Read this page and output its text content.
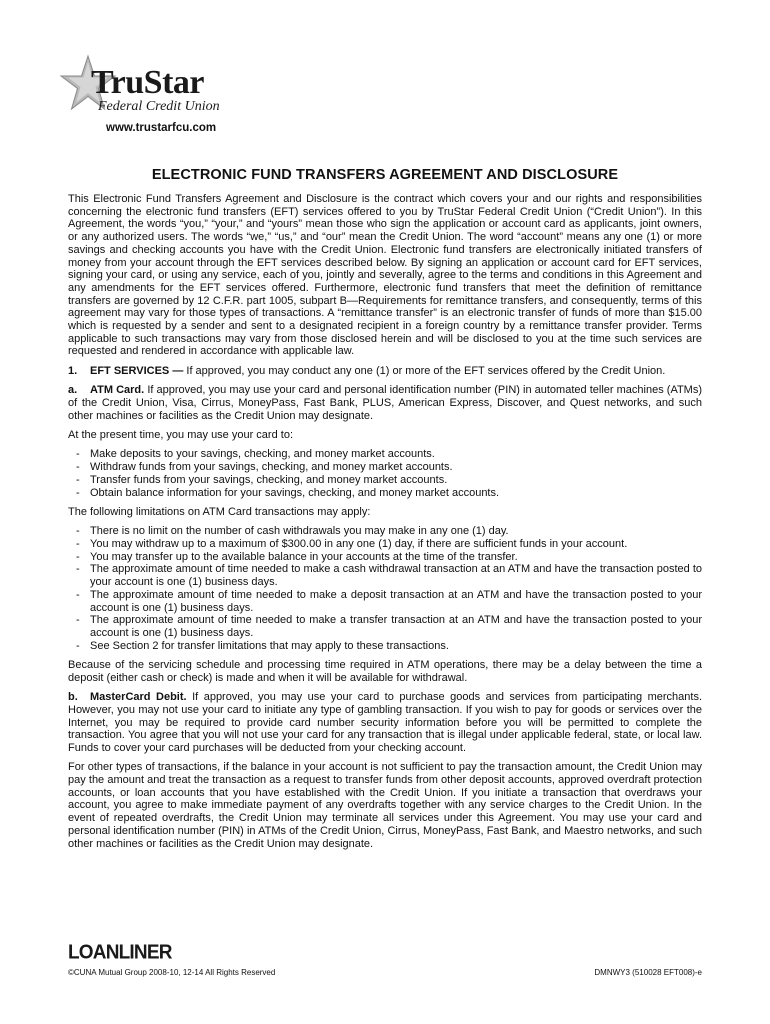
TruStar
Federal Credit Union
www.trustarfcu.com
ELECTRONIC FUND TRANSFERS AGREEMENT AND DISCLOSURE

This Electronic Fund Transfers Agreement and Disclosure is the contract which covers your and our rights and responsibilities concerning the electronic fund transfers (EFT) services offered to you by TruStar Federal Credit Union (“Credit Union”). In this Agreement, the words “you,” “your,” and “yours” mean those who sign the application or account card as applicants, joint owners, or any authorized users. The words “we,” “us,” and “our” mean the Credit Union. The word “account” means any one (1) or more savings and checking accounts you have with the Credit Union. Electronic fund transfers are electronically initiated transfers of money from your account through the EFT services described below. By signing an application or account card for EFT services, signing your card, or using any service, each of you, jointly and severally, agree to the terms and conditions in this Agreement and any amendments for the EFT services offered. Furthermore, electronic fund transfers that meet the definition of remittance transfers are governed by 12 C.F.R. part 1005, subpart B—Requirements for remittance transfers, and consequently, terms of this agreement may vary for those types of transactions. A “remittance transfer” is an electronic transfer of funds of more than $15.00 which is requested by a sender and sent to a designated recipient in a foreign country by a remittance transfer provider. Terms applicable to such transactions may vary from those disclosed herein and will be disclosed to you at the time such services are requested and rendered in accordance with applicable law.

1. EFT SERVICES — If approved, you may conduct any one (1) or more of the EFT services offered by the Credit Union.

a. ATM Card. If approved, you may use your card and personal identification number (PIN) in automated teller machines (ATMs) of the Credit Union, Visa, Cirrus, MoneyPass, Fast Bank, PLUS, American Express, Discover, and Quest networks, and such other machines or facilities as the Credit Union may designate.

At the present time, you may use your card to:

- Make deposits to your savings, checking, and money market accounts.
- Withdraw funds from your savings, checking, and money market accounts.
- Transfer funds from your savings, checking, and money market accounts.
- Obtain balance information for your savings, checking, and money market accounts.

The following limitations on ATM Card transactions may apply:

- There is no limit on the number of cash withdrawals you may make in any one (1) day.
- You may withdraw up to a maximum of $300.00 in any one (1) day, if there are sufficient funds in your account.
- You may transfer up to the available balance in your accounts at the time of the transfer.
- The approximate amount of time needed to make a cash withdrawal transaction at an ATM and have the transaction posted to your account is one (1) business days.
- The approximate amount of time needed to make a deposit transaction at an ATM and have the transaction posted to your account is one (1) business days.
- The approximate amount of time needed to make a transfer transaction at an ATM and have the transaction posted to your account is one (1) business days.
- See Section 2 for transfer limitations that may apply to these transactions.

Because of the servicing schedule and processing time required in ATM operations, there may be a delay between the time a deposit (either cash or check) is made and when it will be available for withdrawal.

b. MasterCard Debit. If approved, you may use your card to purchase goods and services from participating merchants. However, you may not use your card to initiate any type of gambling transaction. If you wish to pay for goods or services over the Internet, you may be required to provide card number security information before you will be permitted to complete the transaction. You agree that you will not use your card for any transaction that is illegal under applicable federal, state, or local law. Funds to cover your card purchases will be deducted from your checking account.

For other types of transactions, if the balance in your account is not sufficient to pay the transaction amount, the Credit Union may pay the amount and treat the transaction as a request to transfer funds from other deposit accounts, approved overdraft protection accounts, or loan accounts that you have established with the Credit Union. If you initiate a transaction that overdraws your account, you agree to make immediate payment of any overdrafts together with any service charges to the Credit Union. In the event of repeated overdrafts, the Credit Union may terminate all services under this Agreement. You may use your card and personal identification number (PIN) in ATMs of the Credit Union, Cirrus, MoneyPass, Fast Bank, and Maestro networks, and such other machines or facilities as the Credit Union may designate.

LOANLINER
©CUNA Mutual Group 2008-10, 12-14 All Rights Reserved	DMNWY3 (510028 EFT008)-e
